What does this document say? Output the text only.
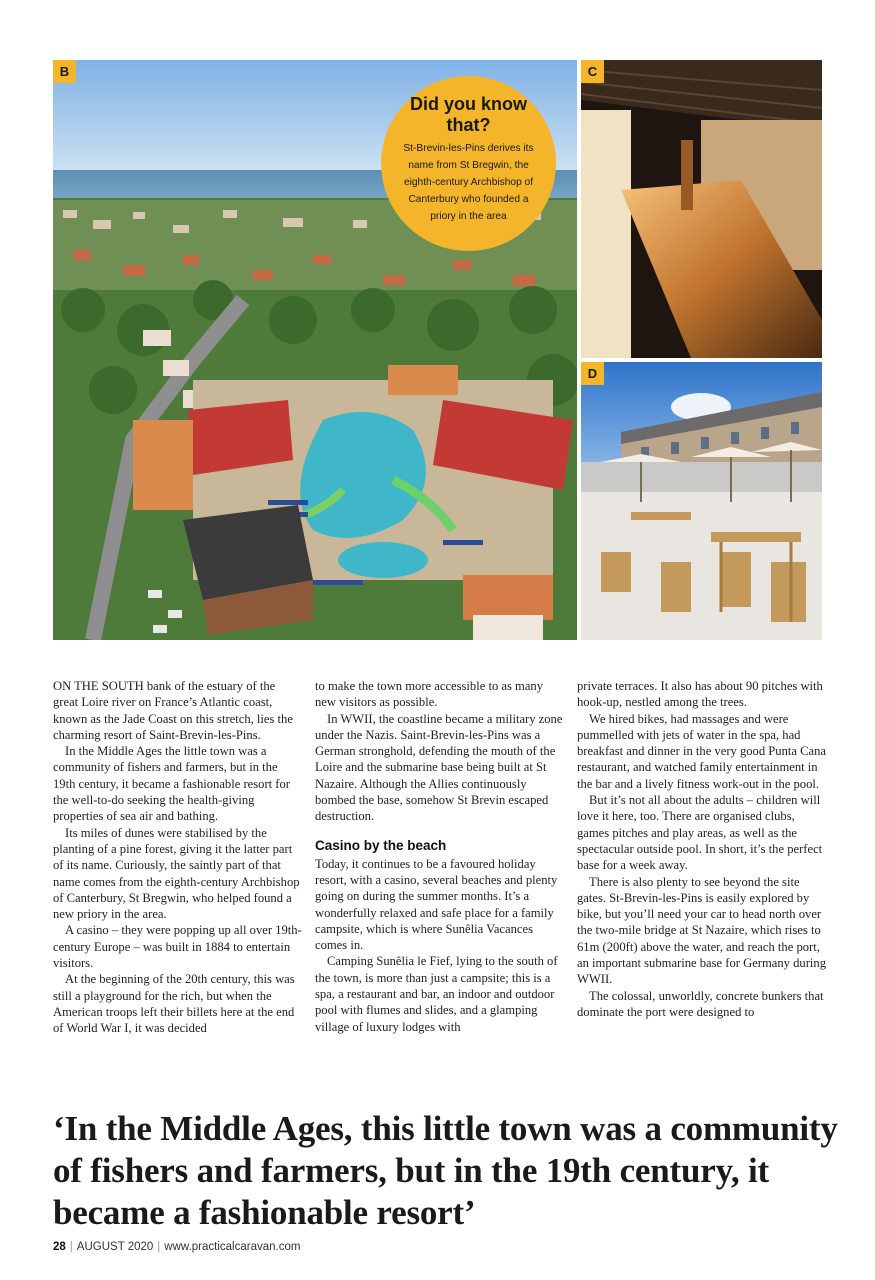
B
Did you know that?
St-Brevin-les-Pins derives its name from St Bregwin, the eighth-century Archbishop of Canterbury who founded a priory in the area
C
D

ON THE SOUTH bank of the estuary of the great Loire river on France’s Atlantic coast, known as the Jade Coast on this stretch, lies the charming resort of Saint-Brevin-les-Pins.

In the Middle Ages the little town was a community of fishers and farmers, but in the 19th century, it became a fashionable resort for the well-to-do seeking the health-giving properties of sea air and bathing.

Its miles of dunes were stabilised by the planting of a pine forest, giving it the latter part of its name. Curiously, the saintly part of that name comes from the eighth-century Archbishop of Canterbury, St Bregwin, who helped found a new priory in the area.

A casino – they were popping up all over 19th-century Europe – was built in 1884 to entertain visitors.

At the beginning of the 20th century, this was still a playground for the rich, but when the American troops left their billets here at the end of World War I, it was decided

to make the town more accessible to as many new visitors as possible.

In WWII, the coastline became a military zone under the Nazis. Saint-Brevin-les-Pins was a German stronghold, defending the mouth of the Loire and the submarine base being built at St Nazaire. Although the Allies continuously bombed the base, somehow St Brevin escaped destruction.

Casino by the beach

Today, it continues to be a favoured holiday resort, with a casino, several beaches and plenty going on during the summer months. It’s a wonderfully relaxed and safe place for a family campsite, which is where Sunêlia Vacances comes in.

Camping Sunêlia le Fief, lying to the south of the town, is more than just a campsite; this is a spa, a restaurant and bar, an indoor and outdoor pool with flumes and slides, and a glamping village of luxury lodges with

private terraces. It also has about 90 pitches with hook-up, nestled among the trees.

We hired bikes, had massages and were pummelled with jets of water in the spa, had breakfast and dinner in the very good Punta Cana restaurant, and watched family entertainment in the bar and a lively fitness work-out in the pool.

But it’s not all about the adults – children will love it here, too. There are organised clubs, games pitches and play areas, as well as the spectacular outside pool. In short, it’s the perfect base for a week away.

There is also plenty to see beyond the site gates. St-Brevin-les-Pins is easily explored by bike, but you’ll need your car to head north over the two-mile bridge at St Nazaire, which rises to 61m (200ft) above the water, and reach the port, an important submarine base for Germany during WWII.

The colossal, unworldly, concrete bunkers that dominate the port were designed to

‘In the Middle Ages, this little town was a community of fishers and farmers, but in the 19th century, it became a fashionable resort’
28 | AUGUST 2020 | www.practicalcaravan.com
